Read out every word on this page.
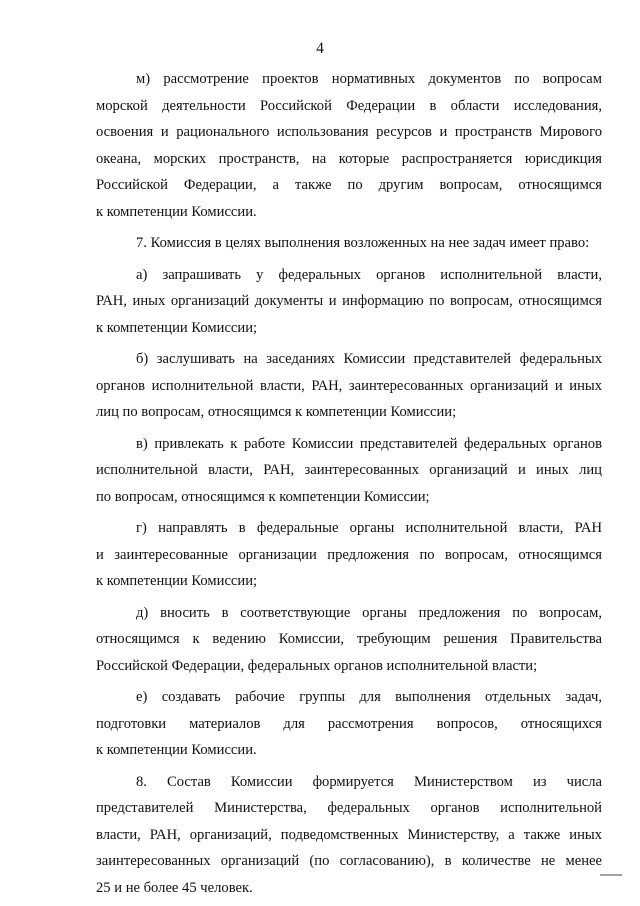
4
м) рассмотрение проектов нормативных документов по вопросам
морской деятельности Российской Федерации в области исследования,
освоения и рационального использования ресурсов и пространств Мирового
океана, морских пространств, на которые распространяется юрисдикция
Российской Федерации, а также по другим вопросам, относящимся
к компетенции Комиссии.
7. Комиссия в целях выполнения возложенных на нее задач имеет право:
а) запрашивать у федеральных органов исполнительной власти,
РАН, иных организаций документы и информацию по вопросам, относящимся
к компетенции Комиссии;
б) заслушивать на заседаниях Комиссии представителей федеральных
органов исполнительной власти, РАН, заинтересованных организаций и иных
лиц по вопросам, относящимся к компетенции Комиссии;
в) привлекать к работе Комиссии представителей федеральных органов
исполнительной власти, РАН, заинтересованных организаций и иных лиц
по вопросам, относящимся к компетенции Комиссии;
г) направлять в федеральные органы исполнительной власти, РАН
и заинтересованные организации предложения по вопросам, относящимся
к компетенции Комиссии;
д) вносить в соответствующие органы предложения по вопросам,
относящимся к ведению Комиссии, требующим решения Правительства
Российской Федерации, федеральных органов исполнительной власти;
е) создавать рабочие группы для выполнения отдельных задач,
подготовки материалов для рассмотрения вопросов, относящихся
к компетенции Комиссии.
8. Состав Комиссии формируется Министерством из числа
представителей Министерства, федеральных органов исполнительной
власти, РАН, организаций, подведомственных Министерству, а также иных
заинтересованных организаций (по согласованию), в количестве не менее
25 и не более 45 человек.
